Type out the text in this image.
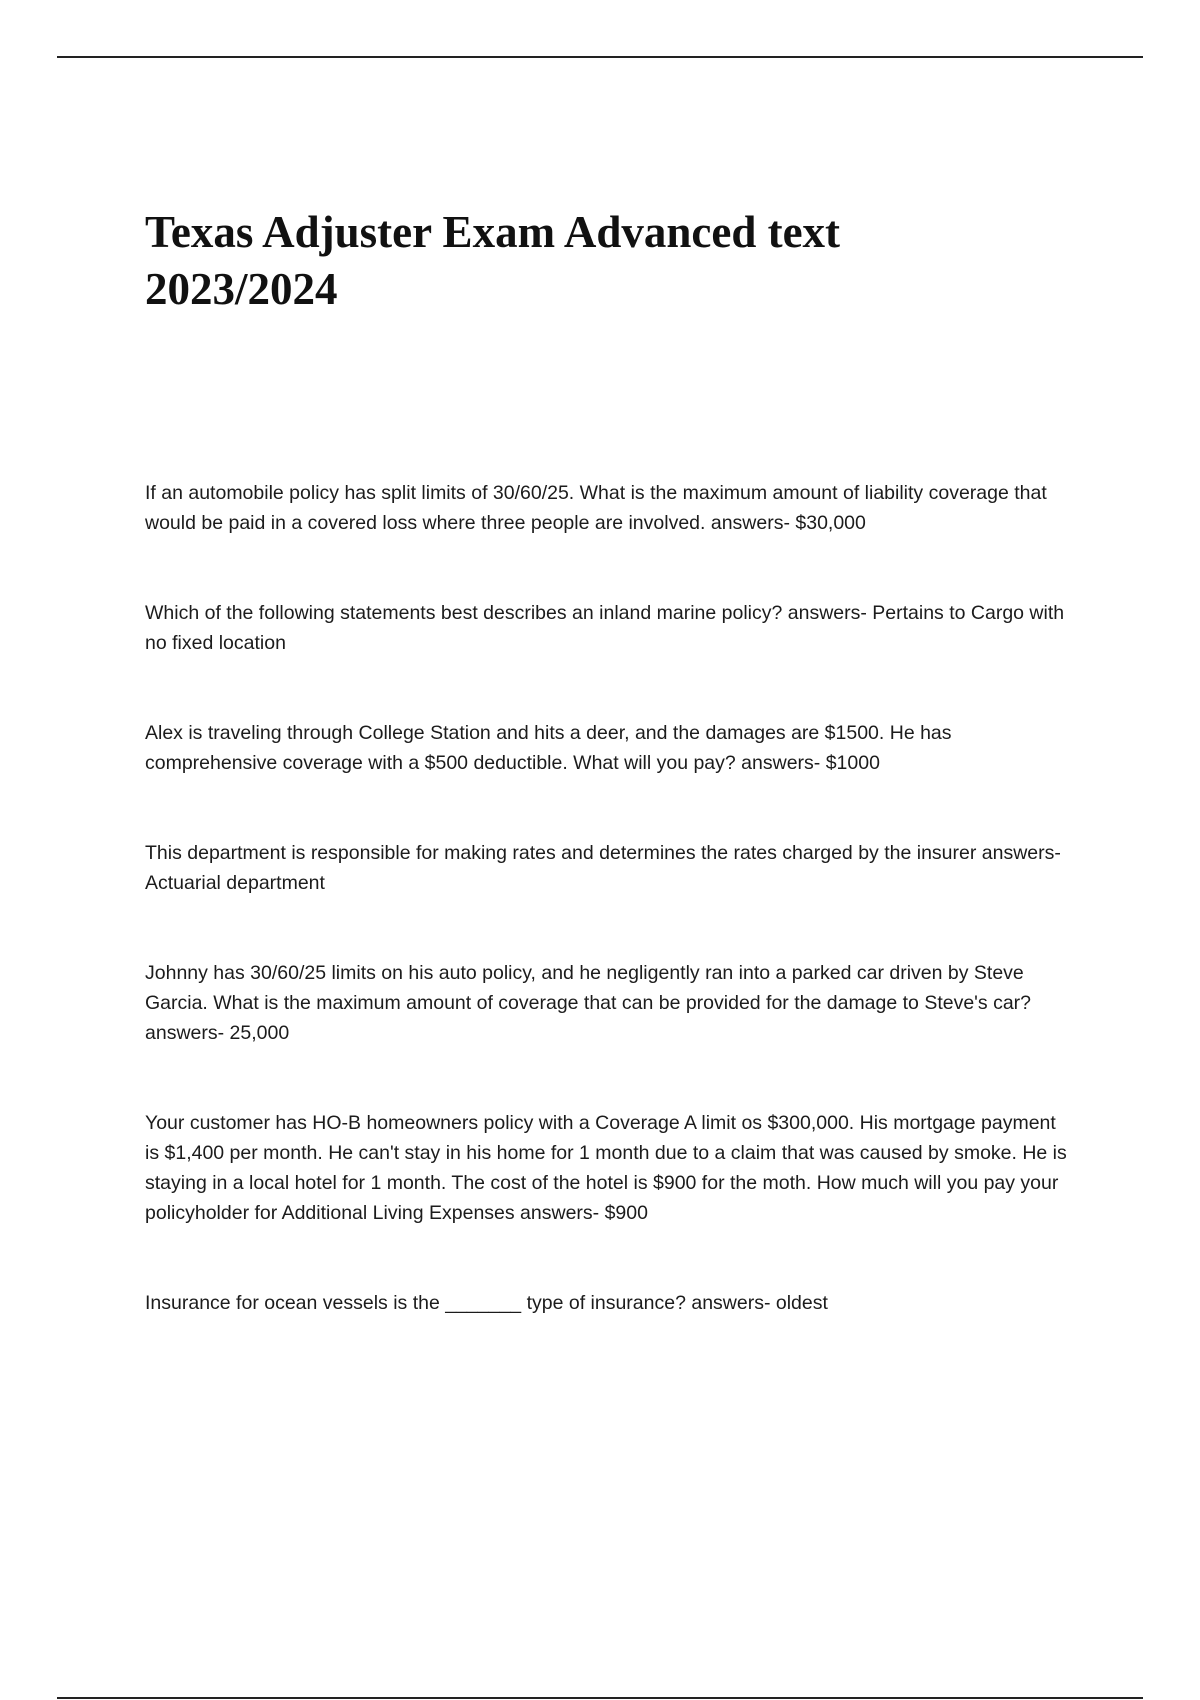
Texas Adjuster Exam Advanced text
2023/2024

If an automobile policy has split limits of 30/60/25. What is the maximum amount of liability coverage that would be paid in a covered loss where three people are involved. answers- $30,000

Which of the following statements best describes an inland marine policy? answers- Pertains to Cargo with no fixed location

Alex is traveling through College Station and hits a deer, and the damages are $1500. He has comprehensive coverage with a $500 deductible. What will you pay? answers- $1000

This department is responsible for making rates and determines the rates charged by the insurer answers- Actuarial department

Johnny has 30/60/25 limits on his auto policy, and he negligently ran into a parked car driven by Steve Garcia. What is the maximum amount of coverage that can be provided for the damage to Steve's car? answers- 25,000

Your customer has HO-B homeowners policy with a Coverage A limit os $300,000. His mortgage payment is $1,400 per month. He can't stay in his home for 1 month due to a claim that was caused by smoke. He is staying in a local hotel for 1 month. The cost of the hotel is $900 for the moth. How much will you pay your policyholder for Additional Living Expenses answers- $900

Insurance for ocean vessels is the _______ type of insurance? answers- oldest
